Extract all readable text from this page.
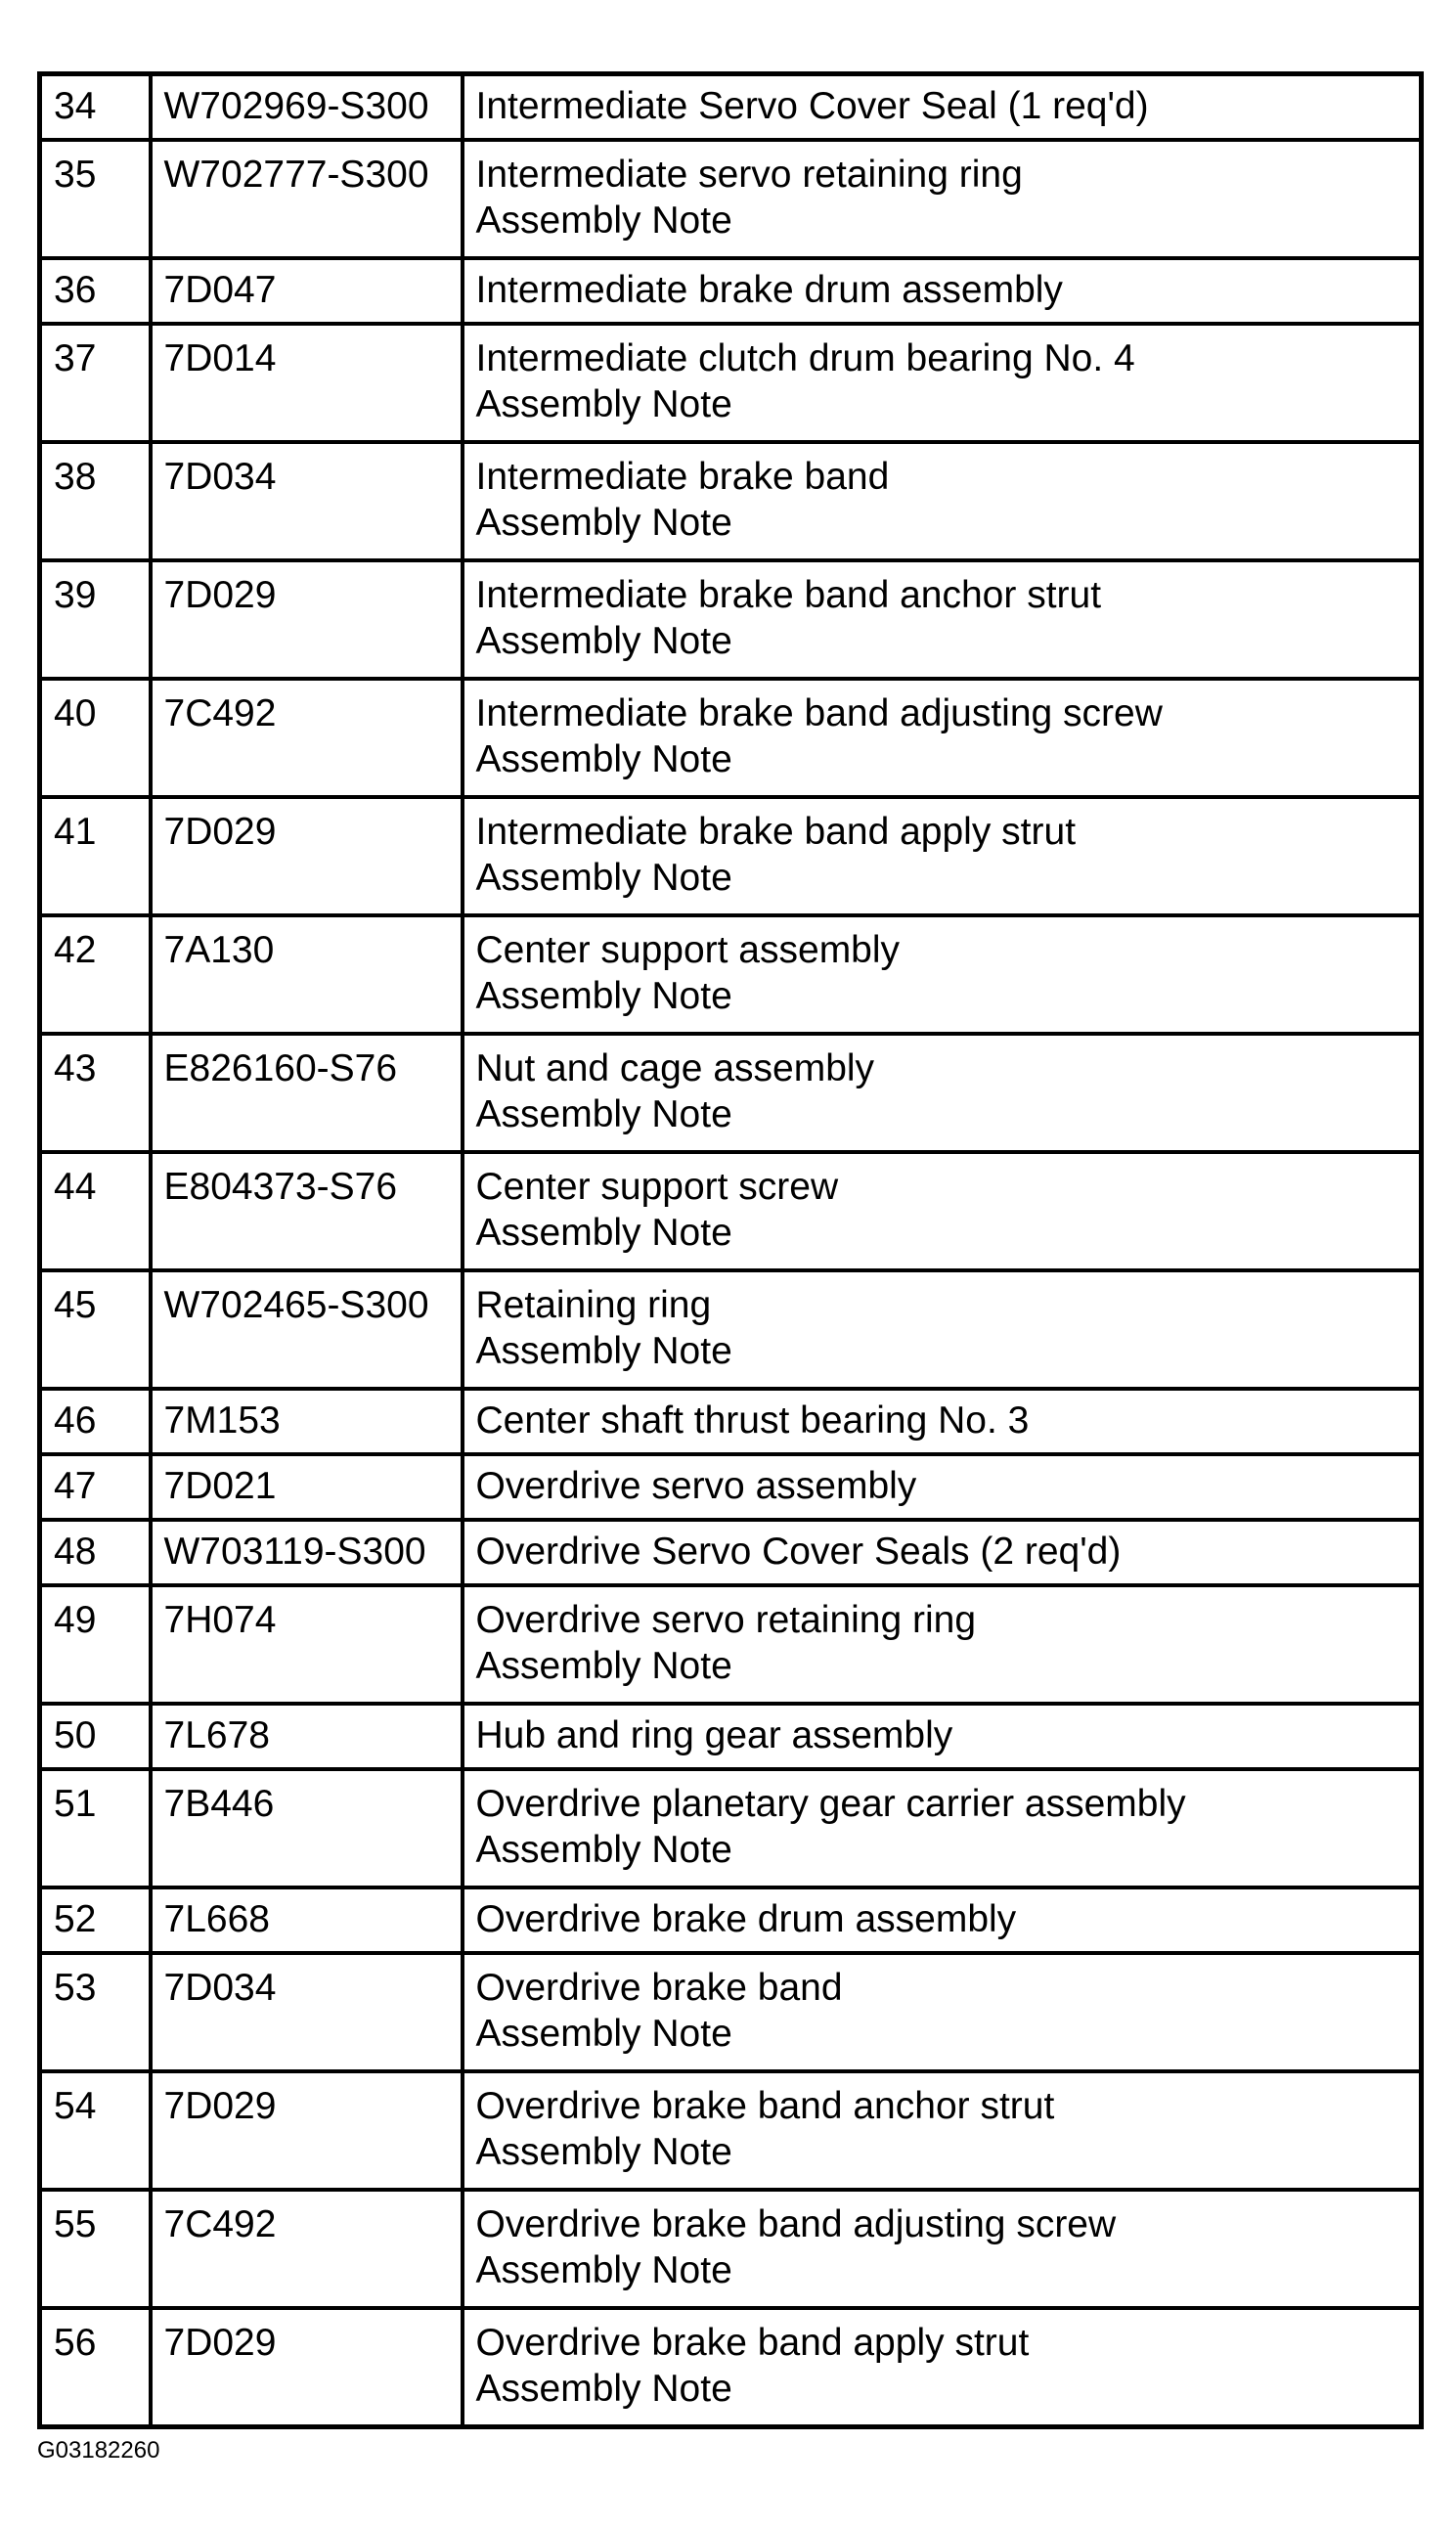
34	W702969-S300	Intermediate Servo Cover Seal (1 req'd)

35	W702777-S300	Intermediate servo retaining ring
Assembly Note

36	7D047	Intermediate brake drum assembly

37	7D014	Intermediate clutch drum bearing No. 4
Assembly Note

38	7D034	Intermediate brake band
Assembly Note

39	7D029	Intermediate brake band anchor strut
Assembly Note

40	7C492	Intermediate brake band adjusting screw
Assembly Note

41	7D029	Intermediate brake band apply strut
Assembly Note

42	7A130	Center support assembly
Assembly Note

43	E826160-S76	Nut and cage assembly
Assembly Note

44	E804373-S76	Center support screw
Assembly Note

45	W702465-S300	Retaining ring
Assembly Note

46	7M153	Center shaft thrust bearing No. 3

47	7D021	Overdrive servo assembly

48	W703119-S300	Overdrive Servo Cover Seals (2 req'd)

49	7H074	Overdrive servo retaining ring
Assembly Note

50	7L678	Hub and ring gear assembly

51	7B446	Overdrive planetary gear carrier assembly
Assembly Note

52	7L668	Overdrive brake drum assembly

53	7D034	Overdrive brake band
Assembly Note

54	7D029	Overdrive brake band anchor strut
Assembly Note

55	7C492	Overdrive brake band adjusting screw
Assembly Note

56	7D029	Overdrive brake band apply strut
Assembly Note
G03182260
